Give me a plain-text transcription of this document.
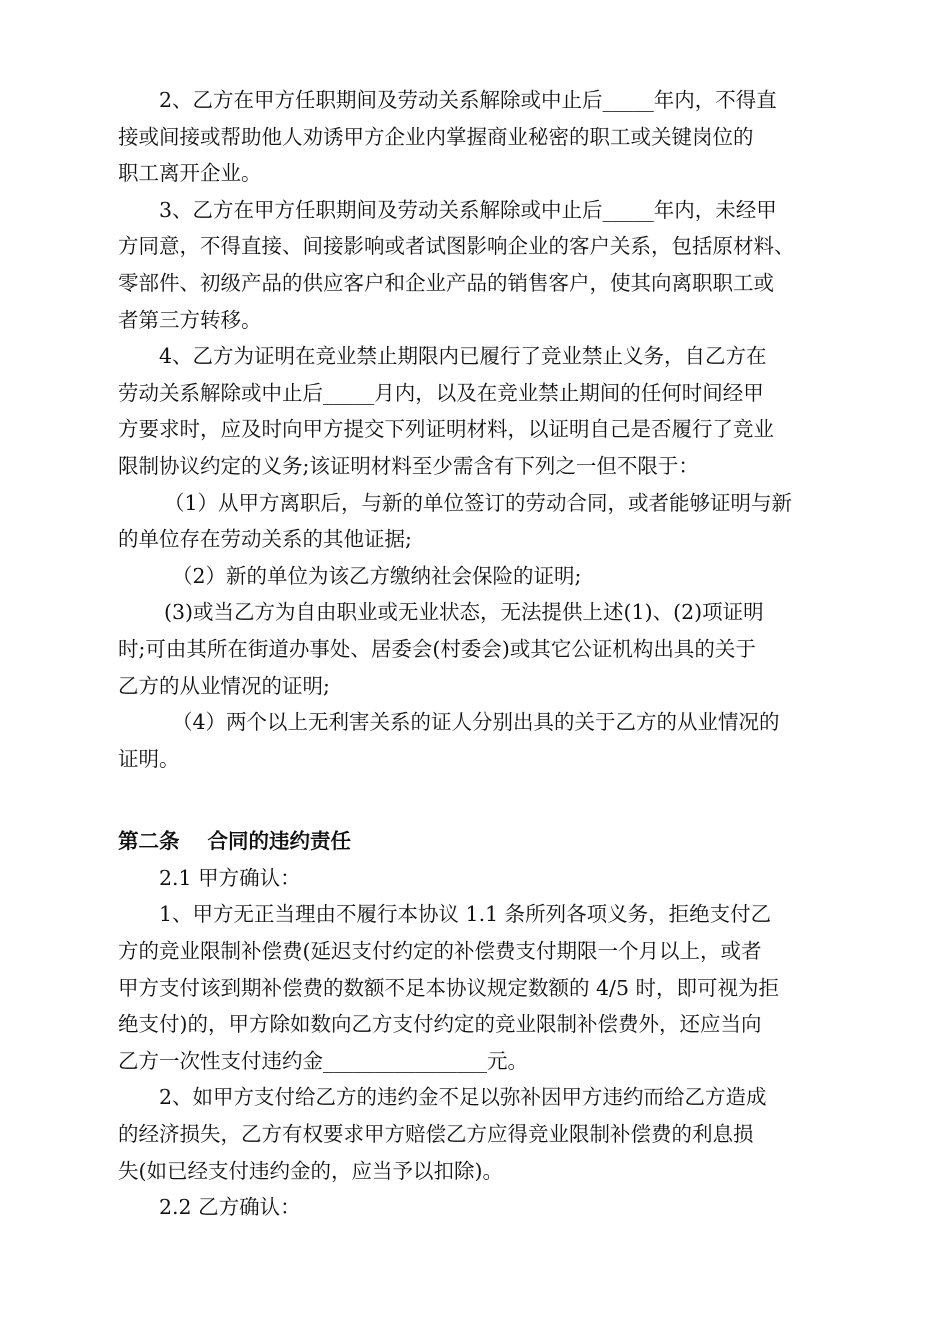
2、乙方在甲方任职期间及劳动关系解除或中止后_____年内，不得直
接或间接或帮助他人劝诱甲方企业内掌握商业秘密的职工或关键岗位的
职工离开企业。

3、乙方在甲方任职期间及劳动关系解除或中止后_____年内，未经甲
方同意，不得直接、间接影响或者试图影响企业的客户关系，包括原材料、
零部件、初级产品的供应客户和企业产品的销售客户，使其向离职职工或
者第三方转移。

4、乙方为证明在竞业禁止期限内已履行了竞业禁止义务，自乙方在
劳动关系解除或中止后_____月内，以及在竞业禁止期间的任何时间经甲
方要求时，应及时向甲方提交下列证明材料，以证明自己是否履行了竞业
限制协议约定的义务;该证明材料至少需含有下列之一但不限于：

（1）从甲方离职后，与新的单位签订的劳动合同，或者能够证明与新
的单位存在劳动关系的其他证据;

（2）新的单位为该乙方缴纳社会保险的证明;

(3)或当乙方为自由职业或无业状态，无法提供上述(1)、(2)项证明
时;可由其所在街道办事处、居委会(村委会)或其它公证机构出具的关于
乙方的从业情况的证明;

（4）两个以上无利害关系的证人分别出具的关于乙方的从业情况的
证明。

第二条 合同的违约责任

2.1 甲方确认：

1、甲方无正当理由不履行本协议 1.1 条所列各项义务，拒绝支付乙
方的竞业限制补偿费(延迟支付约定的补偿费支付期限一个月以上，或者
甲方支付该到期补偿费的数额不足本协议规定数额的 4/5 时，即可视为拒
绝支付)的，甲方除如数向乙方支付约定的竞业限制补偿费外，还应当向
乙方一次性支付违约金________________元。

2、如甲方支付给乙方的违约金不足以弥补因甲方违约而给乙方造成
的经济损失，乙方有权要求甲方赔偿乙方应得竞业限制补偿费的利息损
失(如已经支付违约金的，应当予以扣除)。

2.2 乙方确认：
